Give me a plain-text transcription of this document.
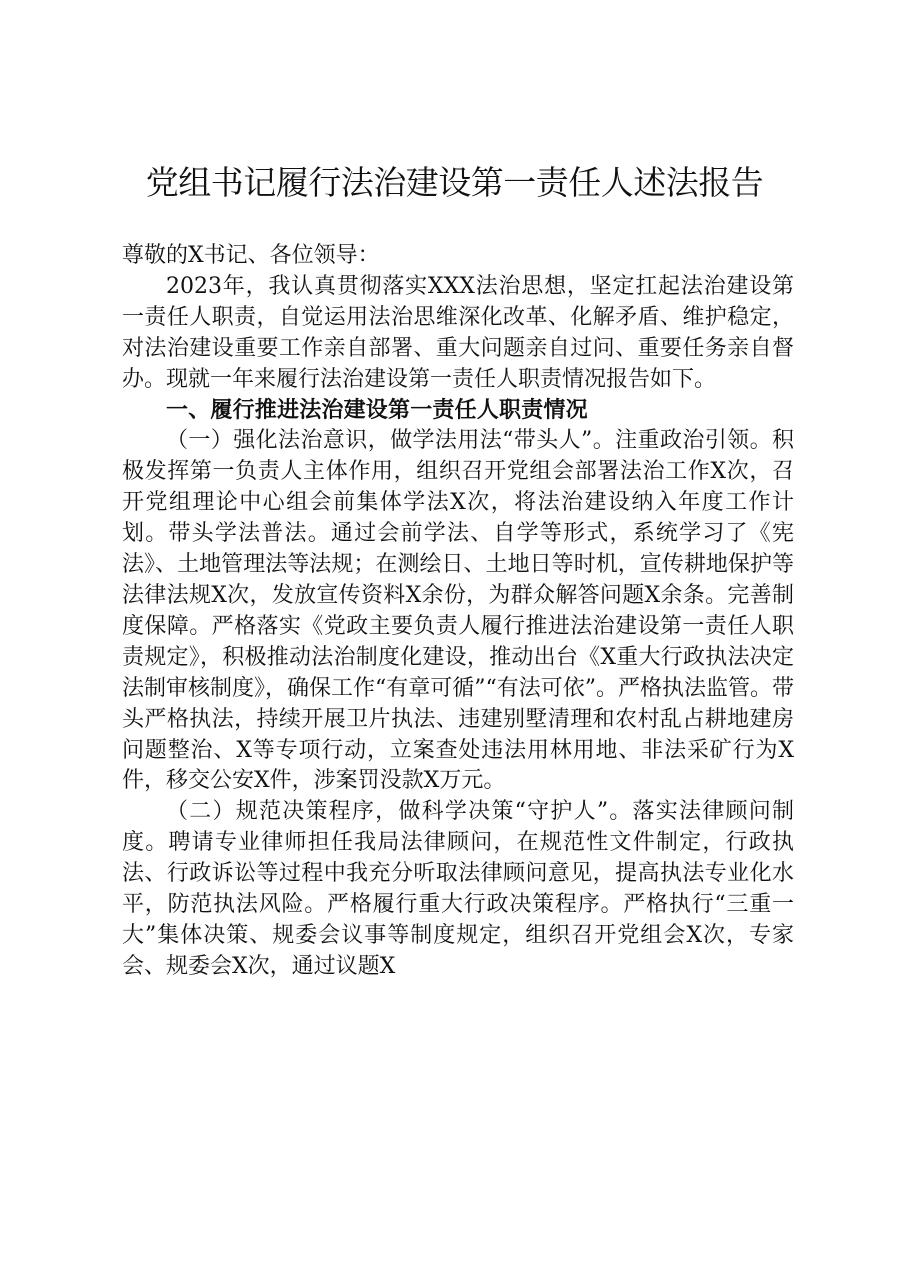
党组书记履行法治建设第一责任人述法报告

尊敬的X书记、各位领导：

2023年，我认真贯彻落实XXX法治思想，坚定扛起法治建设第一责任人职责，自觉运用法治思维深化改革、化解矛盾、维护稳定，对法治建设重要工作亲自部署、重大问题亲自过问、重要任务亲自督办。现就一年来履行法治建设第一责任人职责情况报告如下。

一、履行推进法治建设第一责任人职责情况

（一）强化法治意识，做学法用法“带头人”。注重政治引领。积极发挥第一负责人主体作用，组织召开党组会部署法治工作X次，召开党组理论中心组会前集体学法X次，将法治建设纳入年度工作计划。带头学法普法。通过会前学法、自学等形式，系统学习了《宪法》、土地管理法等法规；在测绘日、土地日等时机，宣传耕地保护等法律法规X次，发放宣传资料X余份，为群众解答问题X余条。完善制度保障。严格落实《党政主要负责人履行推进法治建设第一责任人职责规定》，积极推动法治制度化建设，推动出台《X重大行政执法决定法制审核制度》，确保工作“有章可循”“有法可依”。严格执法监管。带头严格执法，持续开展卫片执法、违建别墅清理和农村乱占耕地建房问题整治、X等专项行动，立案查处违法用林用地、非法采矿行为X件，移交公安X件，涉案罚没款X万元。

（二）规范决策程序，做科学决策“守护人”。落实法律顾问制度。聘请专业律师担任我局法律顾问，在规范性文件制定，行政执法、行政诉讼等过程中我充分听取法律顾问意见，提高执法专业化水平，防范执法风险。严格履行重大行政决策程序。严格执行“三重一大”集体决策、规委会议事等制度规定，组织召开党组会X次，专家会、规委会X次，通过议题X
